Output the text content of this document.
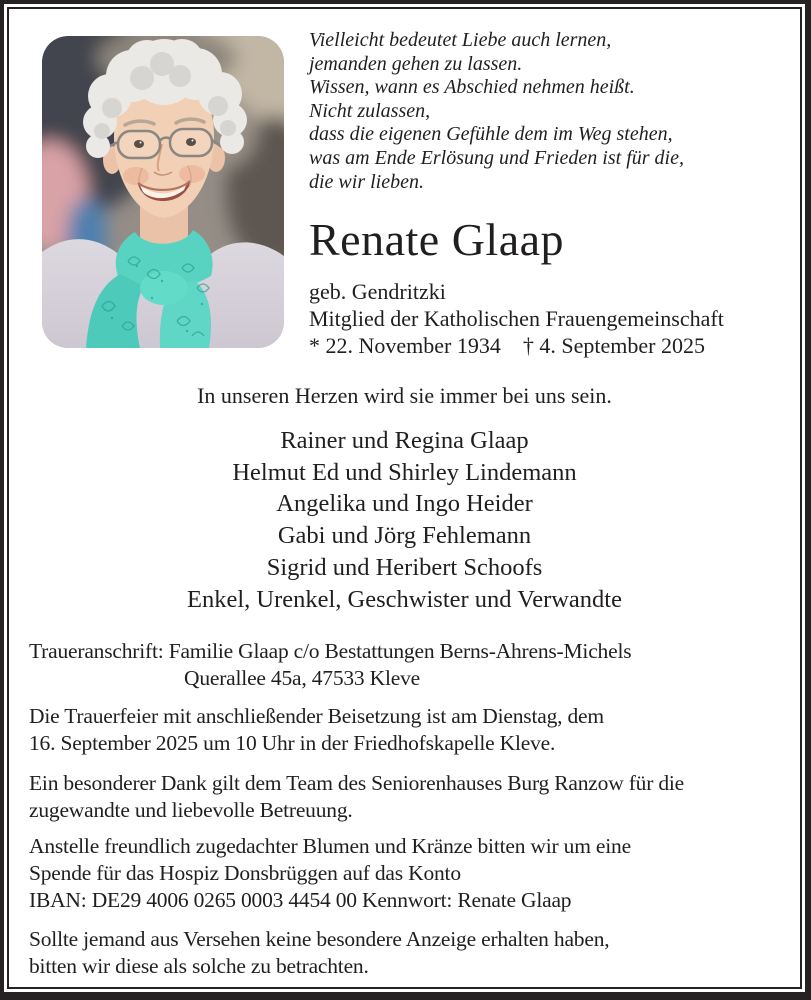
Vielleicht bedeutet Liebe auch lernen,
jemanden gehen zu lassen.
Wissen, wann es Abschied nehmen heißt.
Nicht zulassen,
dass die eigenen Gefühle dem im Weg stehen,
was am Ende Erlösung und Frieden ist für die,
die wir lieben.
Renate Glaap
geb. Gendritzki
Mitglied der Katholischen Frauengemeinschaft
* 22. November 1934 † 4. September 2025
In unseren Herzen wird sie immer bei uns sein.
Rainer und Regina Glaap
Helmut Ed und Shirley Lindemann
Angelika und Ingo Heider
Gabi und Jörg Fehlemann
Sigrid und Heribert Schoofs
Enkel, Urenkel, Geschwister und Verwandte
Traueranschrift: Familie Glaap c/o Bestattungen Berns-Ahrens-Michels
Querallee 45a, 47533 Kleve
Die Trauerfeier mit anschließender Beisetzung ist am Dienstag, dem
16. September 2025 um 10 Uhr in der Friedhofskapelle Kleve.
Ein besonderer Dank gilt dem Team des Seniorenhauses Burg Ranzow für die
zugewandte und liebevolle Betreuung.
Anstelle freundlich zugedachter Blumen und Kränze bitten wir um eine
Spende für das Hospiz Donsbrüggen auf das Konto
IBAN: DE29 4006 0265 0003 4454 00 Kennwort: Renate Glaap
Sollte jemand aus Versehen keine besondere Anzeige erhalten haben,
bitten wir diese als solche zu betrachten.
